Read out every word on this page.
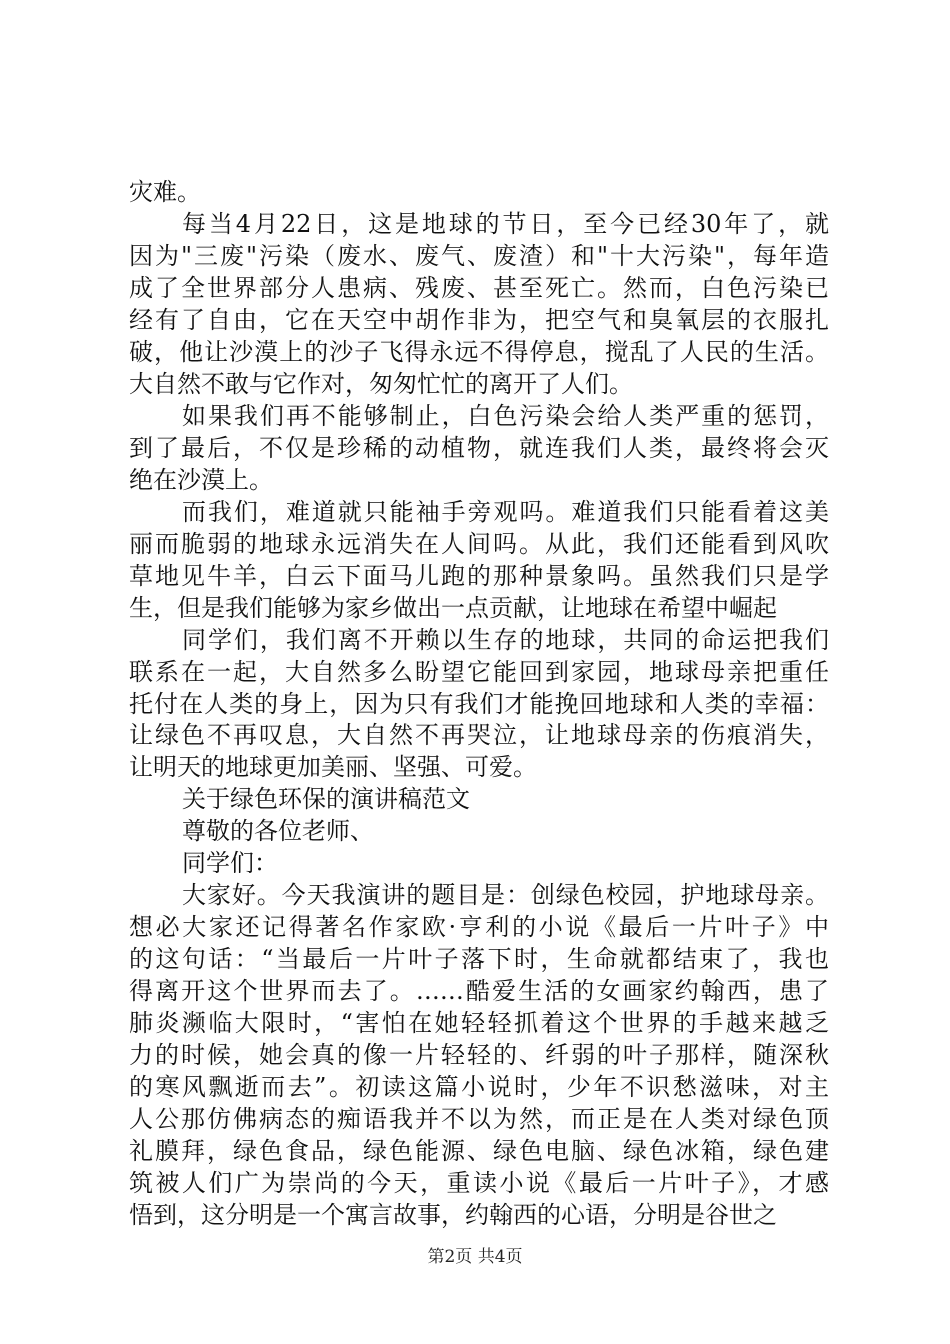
第2页 共4页
灾难。
每当4月22日，这是地球的节日，至今已经30年了，就
因为"三废"污染（废水、废气、废渣）和"十大污染"，每年造
成了全世界部分人患病、残废、甚至死亡。然而，白色污染已
经有了自由，它在天空中胡作非为，把空气和臭氧层的衣服扎
破，他让沙漠上的沙子飞得永远不得停息，搅乱了人民的生活。
大自然不敢与它作对，匆匆忙忙的离开了人们。
如果我们再不能够制止，白色污染会给人类严重的惩罚，
到了最后，不仅是珍稀的动植物，就连我们人类，最终将会灭
绝在沙漠上。
而我们，难道就只能袖手旁观吗。难道我们只能看着这美
丽而脆弱的地球永远消失在人间吗。从此，我们还能看到风吹
草地见牛羊，白云下面马儿跑的那种景象吗。虽然我们只是学
生，但是我们能够为家乡做出一点贡献，让地球在希望中崛起
同学们，我们离不开赖以生存的地球，共同的命运把我们
联系在一起，大自然多么盼望它能回到家园，地球母亲把重任
托付在人类的身上，因为只有我们才能挽回地球和人类的幸福：
让绿色不再叹息，大自然不再哭泣，让地球母亲的伤痕消失，
让明天的地球更加美丽、坚强、可爱。
关于绿色环保的演讲稿范文
尊敬的各位老师、
同学们：
大家好。今天我演讲的题目是：创绿色校园，护地球母亲。
想必大家还记得著名作家欧·亨利的小说《最后一片叶子》中
的这句话：“当最后一片叶子落下时，生命就都结束了，我也
得离开这个世界而去了。……酷爱生活的女画家约翰西，患了
肺炎濒临大限时，“害怕在她轻轻抓着这个世界的手越来越乏
力的时候，她会真的像一片轻轻的、纤弱的叶子那样，随深秋
的寒风飘逝而去”。初读这篇小说时，少年不识愁滋味，对主
人公那仿佛病态的痴语我并不以为然，而正是在人类对绿色顶
礼膜拜，绿色食品，绿色能源、绿色电脑、绿色冰箱，绿色建
筑被人们广为崇尚的今天，重读小说《最后一片叶子》，才感
悟到，这分明是一个寓言故事，约翰西的心语，分明是谷世之
